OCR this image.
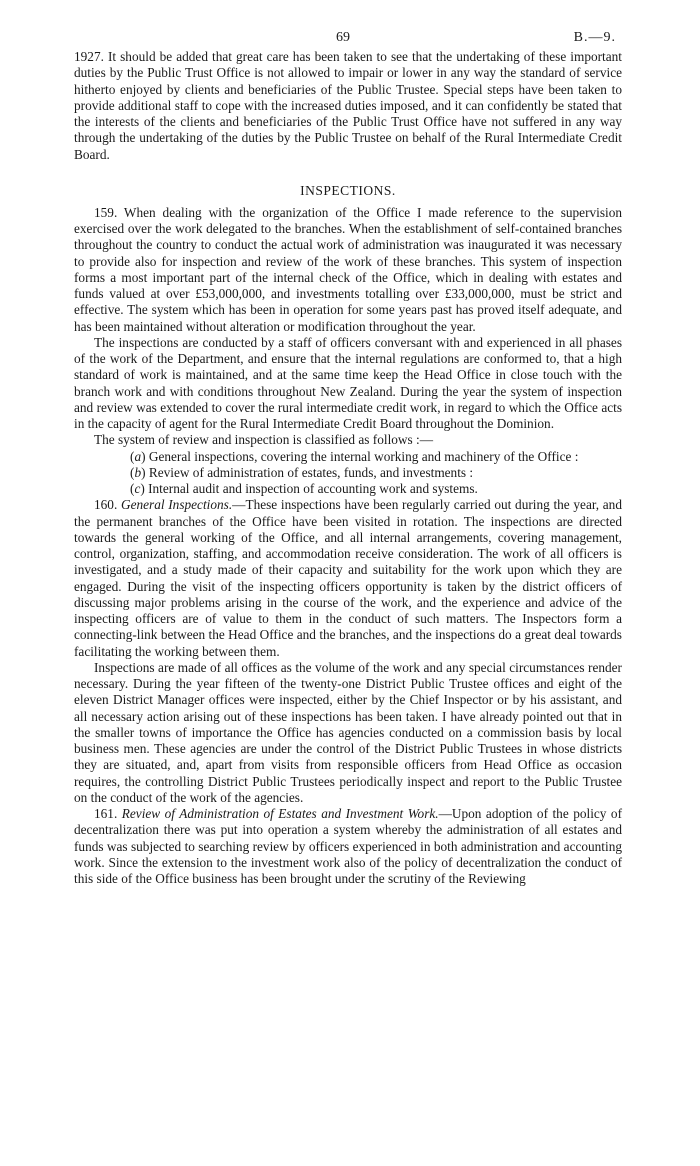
69	B.—9.

1927. It should be added that great care has been taken to see that the undertaking of these important duties by the Public Trust Office is not allowed to impair or lower in any way the standard of service hitherto enjoyed by clients and beneficiaries of the Public Trustee. Special steps have been taken to provide additional staff to cope with the increased duties imposed, and it can confidently be stated that the interests of the clients and beneficiaries of the Public Trust Office have not suffered in any way through the undertaking of the duties by the Public Trustee on behalf of the Rural Intermediate Credit Board.

INSPECTIONS.

159. When dealing with the organization of the Office I made reference to the supervision exercised over the work delegated to the branches. When the establishment of self-contained branches throughout the country to conduct the actual work of administration was inaugurated it was necessary to provide also for inspection and review of the work of these branches. This system of inspection forms a most important part of the internal check of the Office, which in dealing with estates and funds valued at over £53,000,000, and investments totalling over £33,000,000, must be strict and effective. The system which has been in operation for some years past has proved itself adequate, and has been maintained without alteration or modification throughout the year.

The inspections are conducted by a staff of officers conversant with and experienced in all phases of the work of the Department, and ensure that the internal regulations are conformed to, that a high standard of work is maintained, and at the same time keep the Head Office in close touch with the branch work and with conditions throughout New Zealand. During the year the system of inspection and review was extended to cover the rural intermediate credit work, in regard to which the Office acts in the capacity of agent for the Rural Intermediate Credit Board throughout the Dominion.

The system of review and inspection is classified as follows :—

(a) General inspections, covering the internal working and machinery of the Office :

(b) Review of administration of estates, funds, and investments :

(c) Internal audit and inspection of accounting work and systems.

160. General Inspections.—These inspections have been regularly carried out during the year, and the permanent branches of the Office have been visited in rotation. The inspections are directed towards the general working of the Office, and all internal arrangements, covering management, control, organization, staffing, and accommodation receive consideration. The work of all officers is investigated, and a study made of their capacity and suitability for the work upon which they are engaged. During the visit of the inspecting officers opportunity is taken by the district officers of discussing major problems arising in the course of the work, and the experience and advice of the inspecting officers are of value to them in the conduct of such matters. The Inspectors form a connecting-link between the Head Office and the branches, and the inspections do a great deal towards facilitating the working between them.

Inspections are made of all offices as the volume of the work and any special circumstances render necessary. During the year fifteen of the twenty-one District Public Trustee offices and eight of the eleven District Manager offices were inspected, either by the Chief Inspector or by his assistant, and all necessary action arising out of these inspections has been taken. I have already pointed out that in the smaller towns of importance the Office has agencies conducted on a commission basis by local business men. These agencies are under the control of the District Public Trustees in whose districts they are situated, and, apart from visits from responsible officers from Head Office as occasion requires, the controlling District Public Trustees periodically inspect and report to the Public Trustee on the conduct of the work of the agencies.

161. Review of Administration of Estates and Investment Work.—Upon adoption of the policy of decentralization there was put into operation a system whereby the administration of all estates and funds was subjected to searching review by officers experienced in both administration and accounting work. Since the extension to the investment work also of the policy of decentralization the conduct of this side of the Office business has been brought under the scrutiny of the Reviewing
